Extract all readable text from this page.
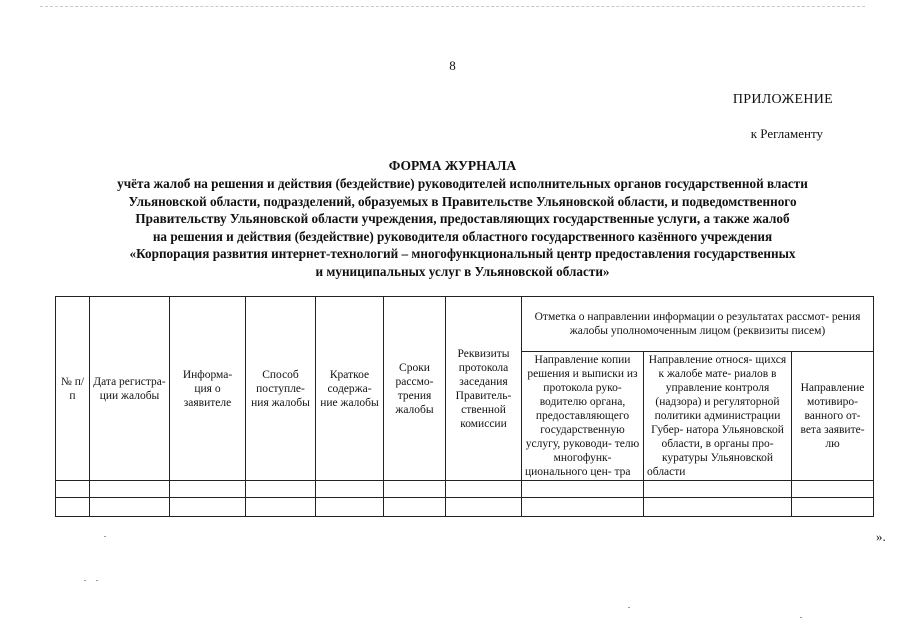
8
ПРИЛОЖЕНИЕ
к Регламенту
ФОРМА ЖУРНАЛА
учёта жалоб на решения и действия (бездействие) руководителей исполнительных органов государственной власти
Ульяновской области, подразделений, образуемых в Правительстве Ульяновской области, и подведомственного
Правительству Ульяновской области учреждения, предоставляющих государственные услуги, а также жалоб
на решения и действия (бездействие) руководителя областного государственного казённого учреждения
«Корпорация развития интернет-технологий – многофункциональный центр предоставления государственных
и муниципальных услуг в Ульяновской области»
№ п/п	Дата регистра- ции жалобы	Информа- ция о заявителе	Способ поступле- ния жалобы	Краткое содержа- ние жалобы	Сроки рассмо- трения жалобы	Реквизиты протокола заседания Правитель- ственной комиссии	Отметка о направлении информации о результатах рассмот- рения жалобы уполномоченным лицом (реквизиты писем)		
							Направление копии решения и выписки из протокола руко- водителю органа, предоставляющего государственную услугу, руководи- телю многофунк- ционального цен- тра	Направление относя- щихся к жалобе мате- риалов в управление контроля (надзора) и регуляторной политики администрации Губер- натора Ульяновской области, в органы про- куратуры Ульяновской области	Направление мотивиро- ванного от- вета заявите- лю

».
